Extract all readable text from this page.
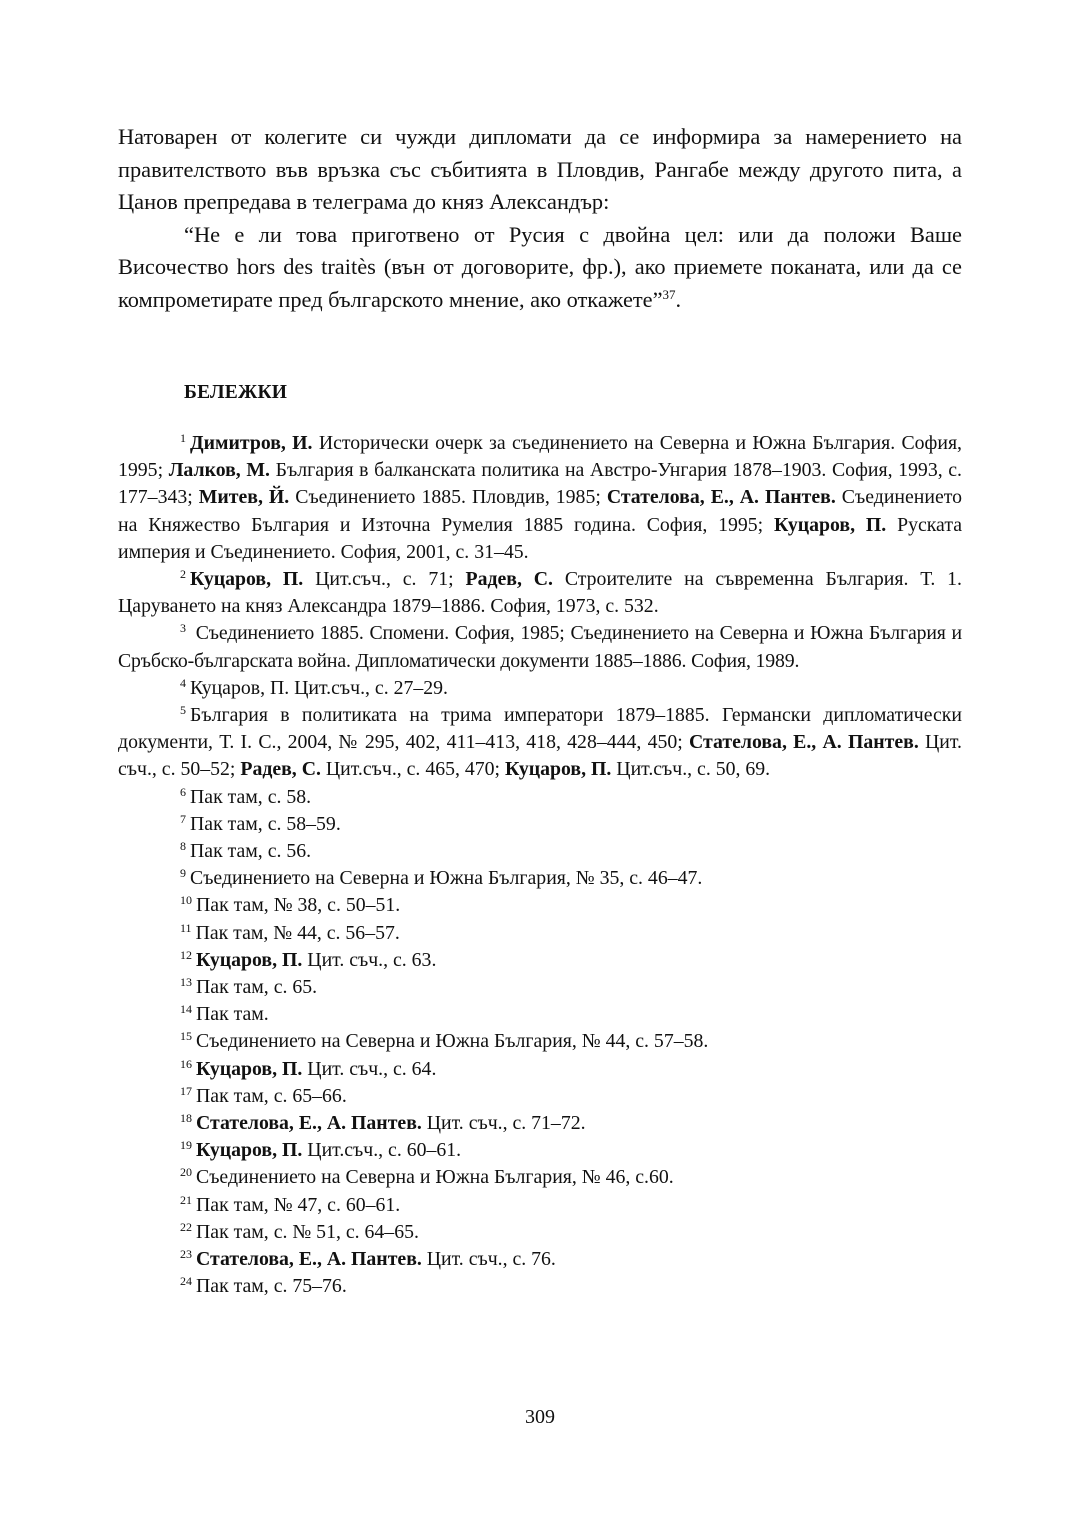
Натоварен от колегите си чужди дипломати да се информира за намерението на правителството във връзка със събитията в Пловдив, Рангабе между другото пита, а Цанов препредава в телеграма до княз Александър:

“Не е ли това приготвено от Русия с двойна цел: или да положи Ваше Височество hors des traitès (вън от договорите, фр.), ако приемете поканата, или да се компрометирате пред българското мнение, ако откажете”$^{37}$.

БЕЛЕЖКИ

$^1$ Димитров, И. Исторически очерк за съединението на Северна и Южна България. София, 1995; Лалков, М. България в балканската политика на Австро-Унгария 1878–1903. София, 1993, с. 177–343; Митев, Й. Съединението 1885. Пловдив, 1985; Стателова, Е., А. Пантев. Съединението на Княжество България и Източна Румелия 1885 година. София, 1995; Куцаров, П. Руската империя и Съединението. София, 2001, с. 31–45.

$^2$ Куцаров, П. Цит.съч., с. 71; Радев, С. Строителите на съвременна България. Т. 1. Царуването на княз Александра 1879–1886. София, 1973, с. 532.

$^3$ Съединението 1885. Спомени. София, 1985; Съединението на Северна и Южна България и Сръбско-българската война. Дипломатически документи 1885–1886. София, 1989.

$^4$ Куцаров, П. Цит.съч., с. 27–29.

$^5$ България в политиката на трима императори 1879–1885. Германски дипломатически документи, Т. I. С., 2004, № 295, 402, 411–413, 418, 428–444, 450; Стателова, Е., А. Пантев. Цит. съч., с. 50–52; Радев, С. Цит.съч., с. 465, 470; Куцаров, П. Цит.съч., с. 50, 69.

$^6$ Пак там, с. 58.

$^7$ Пак там, с. 58–59.

$^8$ Пак там, с. 56.

$^9$ Съединението на Северна и Южна България, № 35, с. 46–47.

$^{10}$ Пак там, № 38, с. 50–51.

$^{11}$ Пак там, № 44, с. 56–57.

$^{12}$ Куцаров, П. Цит. съч., с. 63.

$^{13}$ Пак там, с. 65.

$^{14}$ Пак там.

$^{15}$ Съединението на Северна и Южна България, № 44, с. 57–58.

$^{16}$ Куцаров, П. Цит. съч., с. 64.

$^{17}$ Пак там, с. 65–66.

$^{18}$ Стателова, Е., А. Пантев. Цит. съч., с. 71–72.

$^{19}$ Куцаров, П. Цит.съч., с. 60–61.

$^{20}$ Съединението на Северна и Южна България, № 46, с.60.

$^{21}$ Пак там, № 47, с. 60–61.

$^{22}$ Пак там, с. № 51, с. 64–65.

$^{23}$ Стателова, Е., А. Пантев. Цит. съч., с. 76.

$^{24}$ Пак там, с. 75–76.

309
